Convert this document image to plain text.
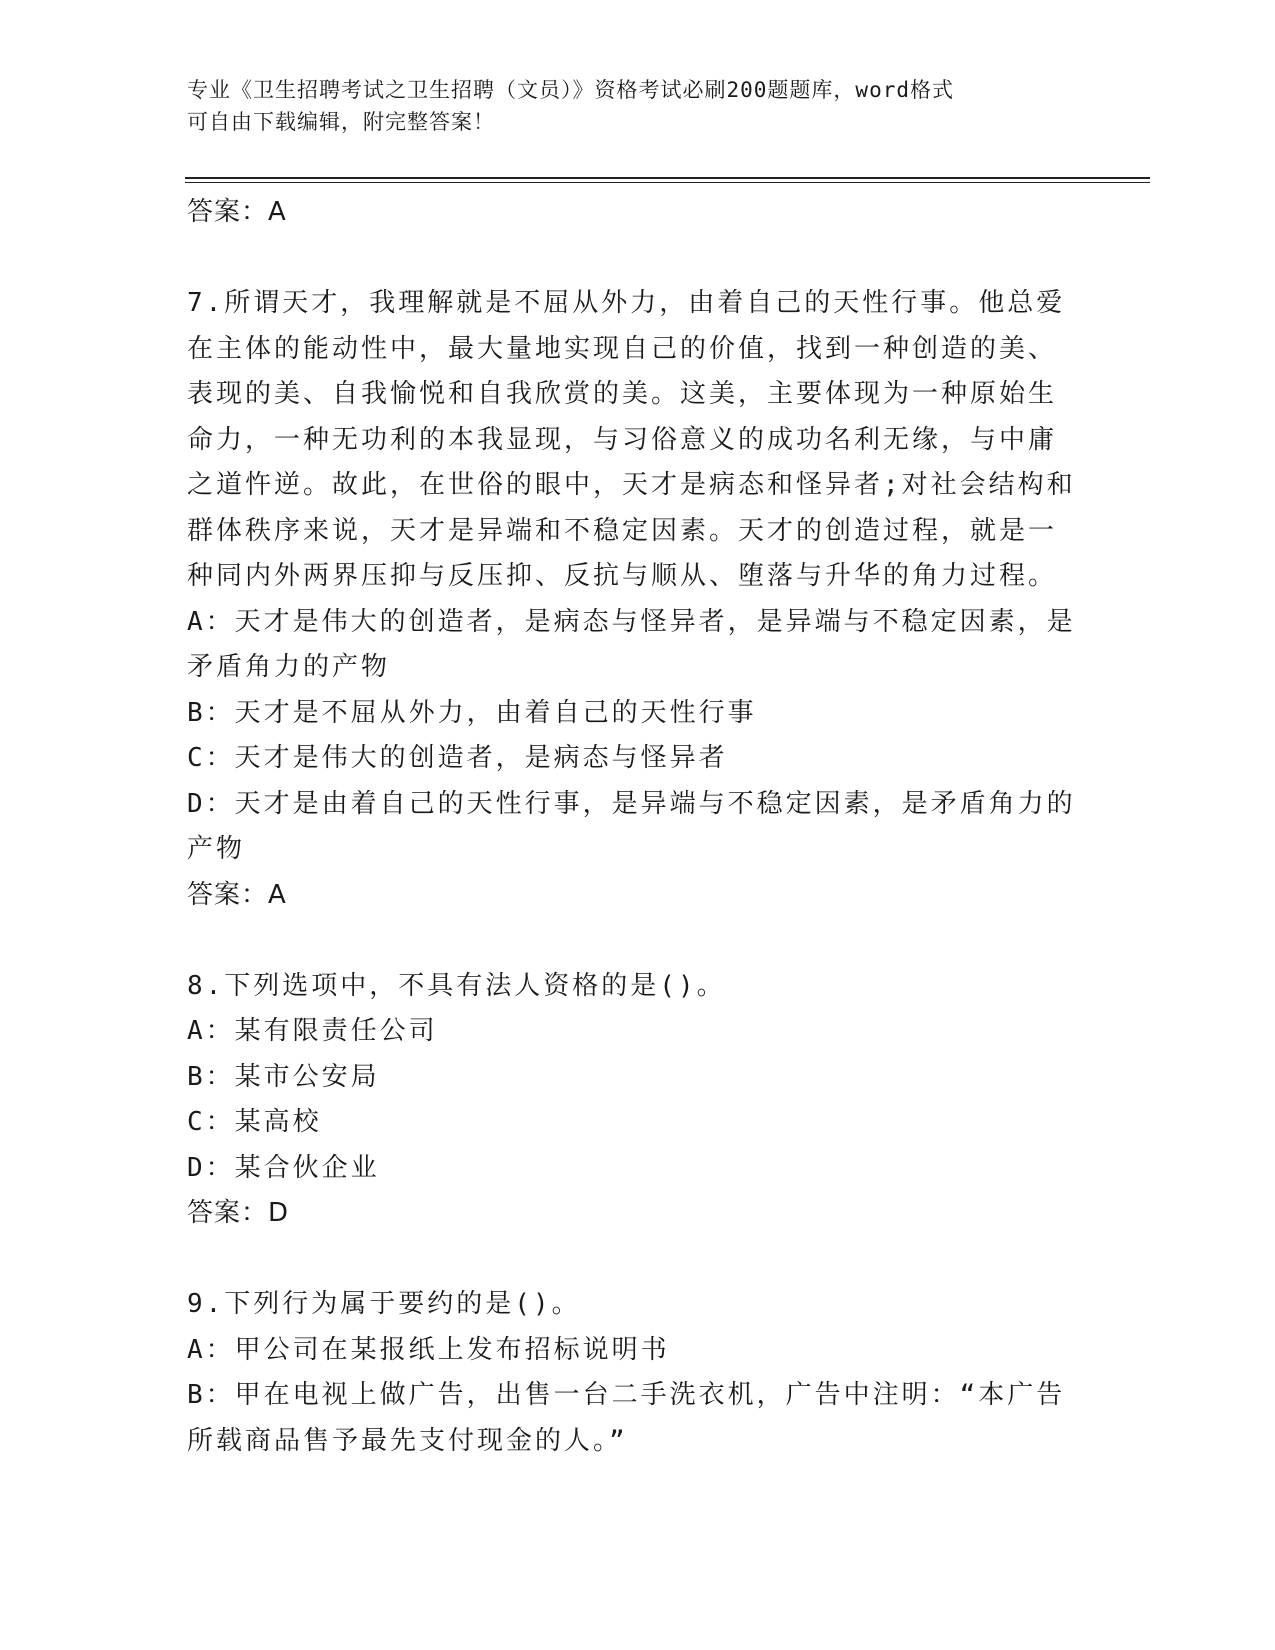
专业《卫生招聘考试之卫生招聘（文员）》资格考试必刷200题题库，word格式
可自由下载编辑，附完整答案！
答案：A
7.所谓天才，我理解就是不屈从外力，由着自己的天性行事。他总爱
在主体的能动性中，最大量地实现自己的价值，找到一种创造的美、
表现的美、自我愉悦和自我欣赏的美。这美，主要体现为一种原始生
命力，一种无功利的本我显现，与习俗意义的成功名利无缘，与中庸
之道忤逆。故此，在世俗的眼中，天才是病态和怪异者;对社会结构和
群体秩序来说，天才是异端和不稳定因素。天才的创造过程，就是一
种同内外两界压抑与反压抑、反抗与顺从、堕落与升华的角力过程。
A：天才是伟大的创造者，是病态与怪异者，是异端与不稳定因素，是
矛盾角力的产物
B：天才是不屈从外力，由着自己的天性行事
C：天才是伟大的创造者，是病态与怪异者
D：天才是由着自己的天性行事，是异端与不稳定因素，是矛盾角力的
产物
答案：A
8.下列选项中，不具有法人资格的是()。
A：某有限责任公司
B：某市公安局
C：某高校
D：某合伙企业
答案：D
9.下列行为属于要约的是()。
A：甲公司在某报纸上发布招标说明书
B：甲在电视上做广告，出售一台二手洗衣机，广告中注明：“本广告
所载商品售予最先支付现金的人。”
